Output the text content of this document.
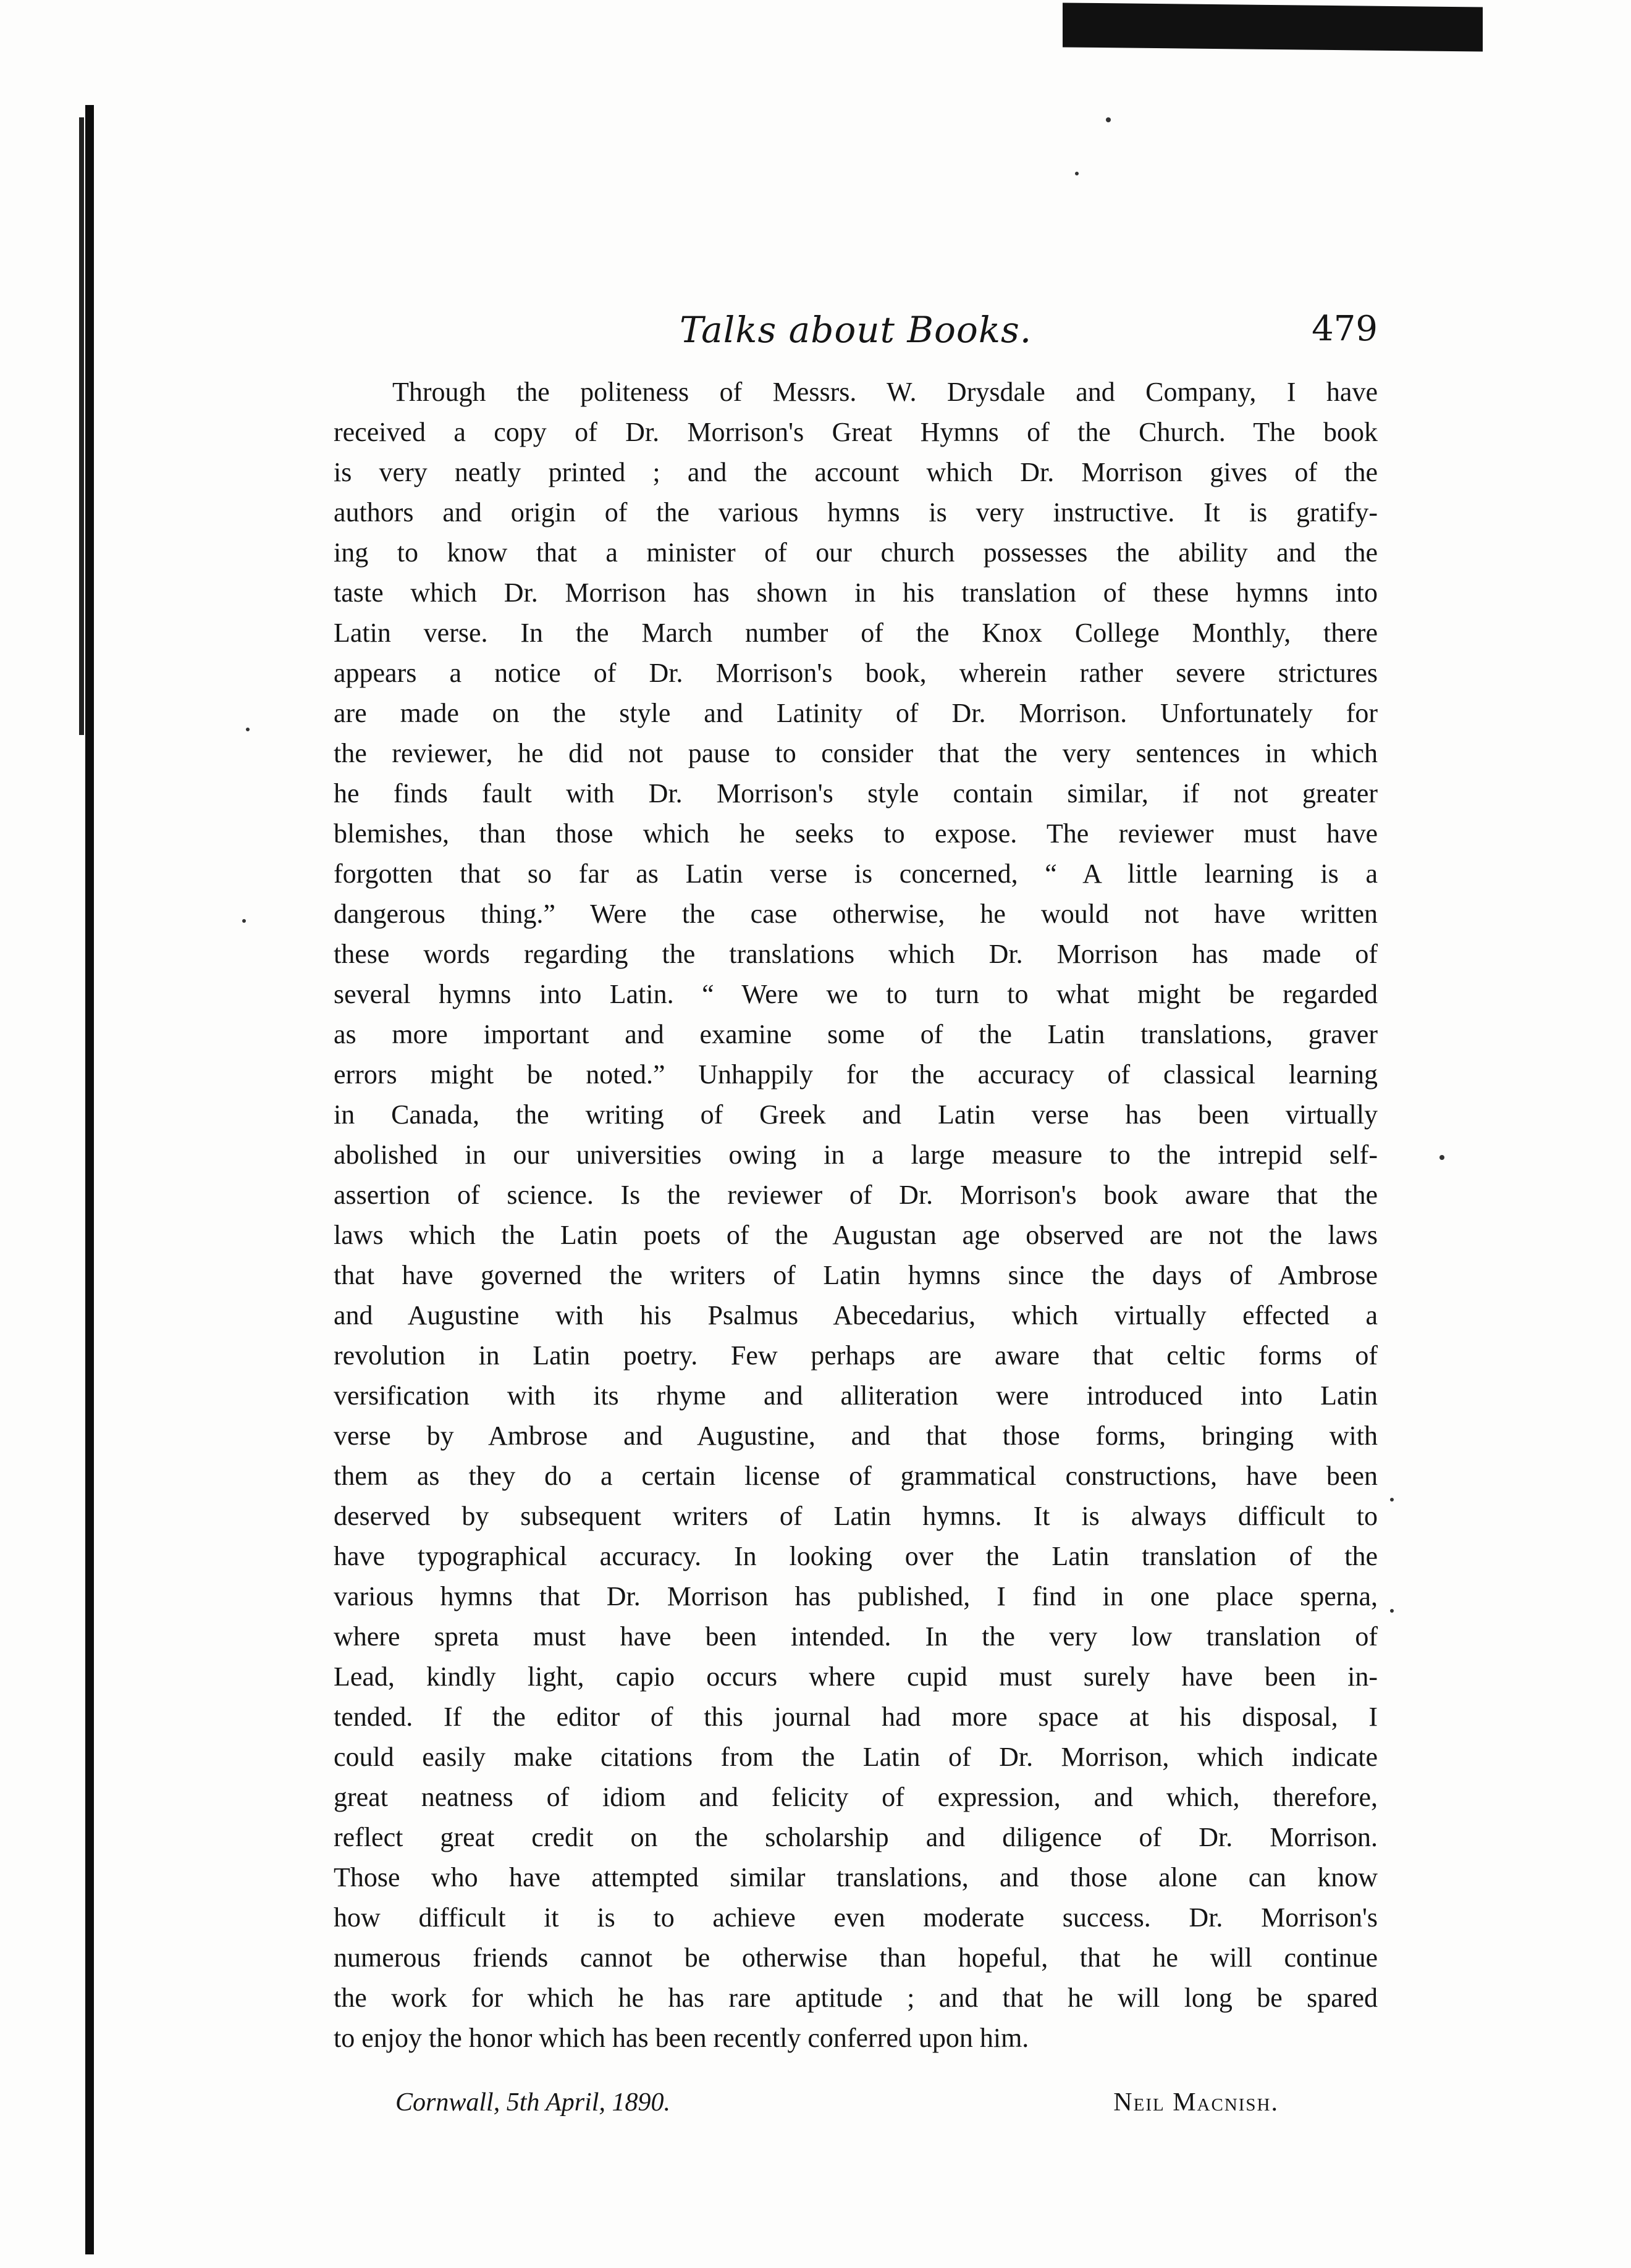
Talks about Books.	479
Through the politeness of Messrs. W. Drysdale and Company, I have
received a copy of Dr. Morrison's Great Hymns of the Church. The book
is very neatly printed ; and the account which Dr. Morrison gives of the
authors and origin of the various hymns is very instructive. It is gratify-
ing to know that a minister of our church possesses the ability and the
taste which Dr. Morrison has shown in his translation of these hymns into
Latin verse. In the March number of the Knox College Monthly, there
appears a notice of Dr. Morrison's book, wherein rather severe strictures
are made on the style and Latinity of Dr. Morrison. Unfortunately for
the reviewer, he did not pause to consider that the very sentences in which
he finds fault with Dr. Morrison's style contain similar, if not greater
blemishes, than those which he seeks to expose. The reviewer must have
forgotten that so far as Latin verse is concerned, “ A little learning is a
dangerous thing.” Were the case otherwise, he would not have written
these words regarding the translations which Dr. Morrison has made of
several hymns into Latin. “ Were we to turn to what might be regarded
as more important and examine some of the Latin translations, graver
errors might be noted.” Unhappily for the accuracy of classical learning
in Canada, the writing of Greek and Latin verse has been virtually
abolished in our universities owing in a large measure to the intrepid self-
assertion of science. Is the reviewer of Dr. Morrison's book aware that the
laws which the Latin poets of the Augustan age observed are not the laws
that have governed the writers of Latin hymns since the days of Ambrose
and Augustine with his Psalmus Abecedarius, which virtually effected a
revolution in Latin poetry. Few perhaps are aware that celtic forms of
versification with its rhyme and alliteration were introduced into Latin
verse by Ambrose and Augustine, and that those forms, bringing with
them as they do a certain license of grammatical constructions, have been
deserved by subsequent writers of Latin hymns. It is always difficult to
have typographical accuracy. In looking over the Latin translation of the
various hymns that Dr. Morrison has published, I find in one place sperna,
where spreta must have been intended. In the very low translation of
Lead, kindly light, capio occurs where cupid must surely have been in-
tended. If the editor of this journal had more space at his disposal, I
could easily make citations from the Latin of Dr. Morrison, which indicate
great neatness of idiom and felicity of expression, and which, therefore,
reflect great credit on the scholarship and diligence of Dr. Morrison.
Those who have attempted similar translations, and those alone can know
how difficult it is to achieve even moderate success. Dr. Morrison's
numerous friends cannot be otherwise than hopeful, that he will continue
the work for which he has rare aptitude ; and that he will long be spared
to enjoy the honor which has been recently conferred upon him.
Cornwall, 5th April, 1890.	Neil Macnish.
